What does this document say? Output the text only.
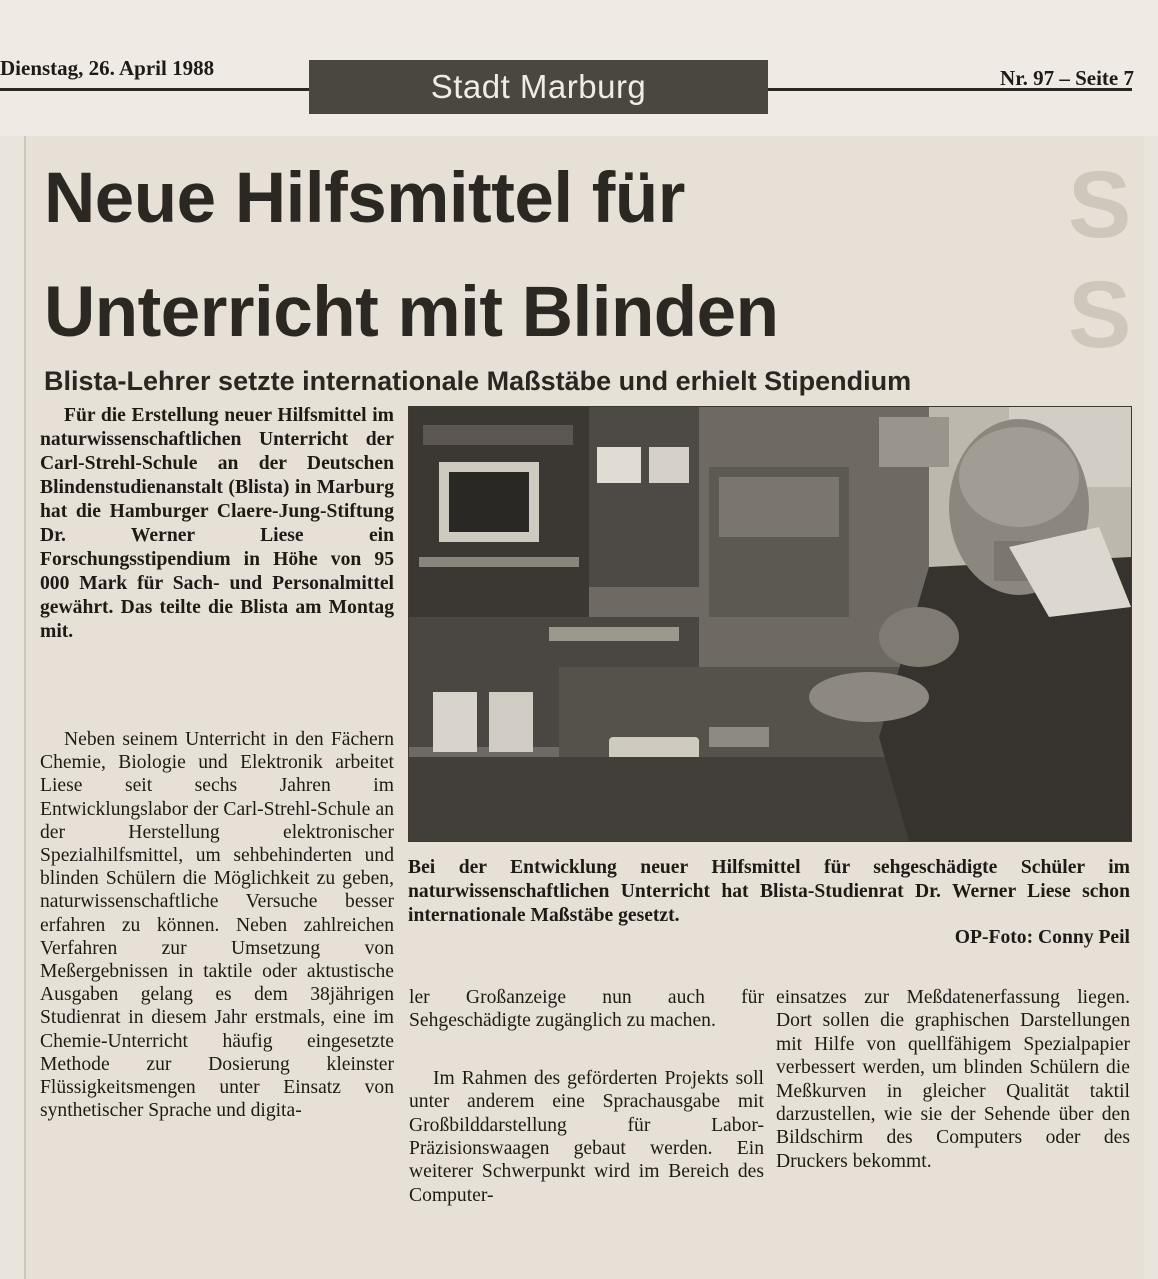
S
S
Dienstag, 26. April 1988	Stadt Marburg	Nr. 97 – Seite 7
Neue Hilfsmittel für
Unterricht mit Blinden
Blista-Lehrer setzte internationale Maßstäbe und erhielt Stipendium
Für die Erstellung neuer Hilfsmittel im naturwissenschaftlichen Unterricht der Carl-Strehl-Schule an der Deutschen Blindenstudienanstalt (Blista) in Marburg hat die Hamburger Claere-Jung-Stiftung Dr. Werner Liese ein Forschungsstipendium in Höhe von 95 000 Mark für Sach- und Personalmittel gewährt. Das teilte die Blista am Montag mit.
Neben seinem Unterricht in den Fächern Chemie, Biologie und Elektronik arbeitet Liese seit sechs Jahren im Entwicklungslabor der Carl-Strehl-Schule an der Herstellung elektronischer Spezialhilfsmittel, um sehbehinderten und blinden Schülern die Möglichkeit zu geben, naturwissenschaftliche Versuche besser erfahren zu können. Neben zahlreichen Verfahren zur Umsetzung von Meßergebnissen in taktile oder aktustische Ausgaben gelang es dem 38jährigen Studienrat in diesem Jahr erstmals, eine im Chemie-Unterricht häufig eingesetzte Methode zur Dosierung kleinster Flüssigkeitsmengen unter Einsatz von synthetischer Sprache und digita-
Bei der Entwicklung neuer Hilfsmittel für sehgeschädigte Schüler im naturwissenschaftlichen Unterricht hat Blista-Studienrat Dr. Werner Liese schon internationale Maßstäbe gesetzt.
OP-Foto: Conny Peil

ler Großanzeige nun auch für Sehgeschädigte zugänglich zu machen.

Im Rahmen des geförderten Projekts soll unter anderem eine Sprachausgabe mit Großbilddarstellung für Labor-Präzisionswaagen gebaut werden. Ein weiterer Schwerpunkt wird im Bereich des Computer-

einsatzes zur Meßdatenerfassung liegen. Dort sollen die graphischen Darstellungen mit Hilfe von quellfähigem Spezialpapier verbessert werden, um blinden Schülern die Meßkurven in gleicher Qualität taktil darzustellen, wie sie der Sehende über den Bildschirm des Computers oder des Druckers bekommt.
